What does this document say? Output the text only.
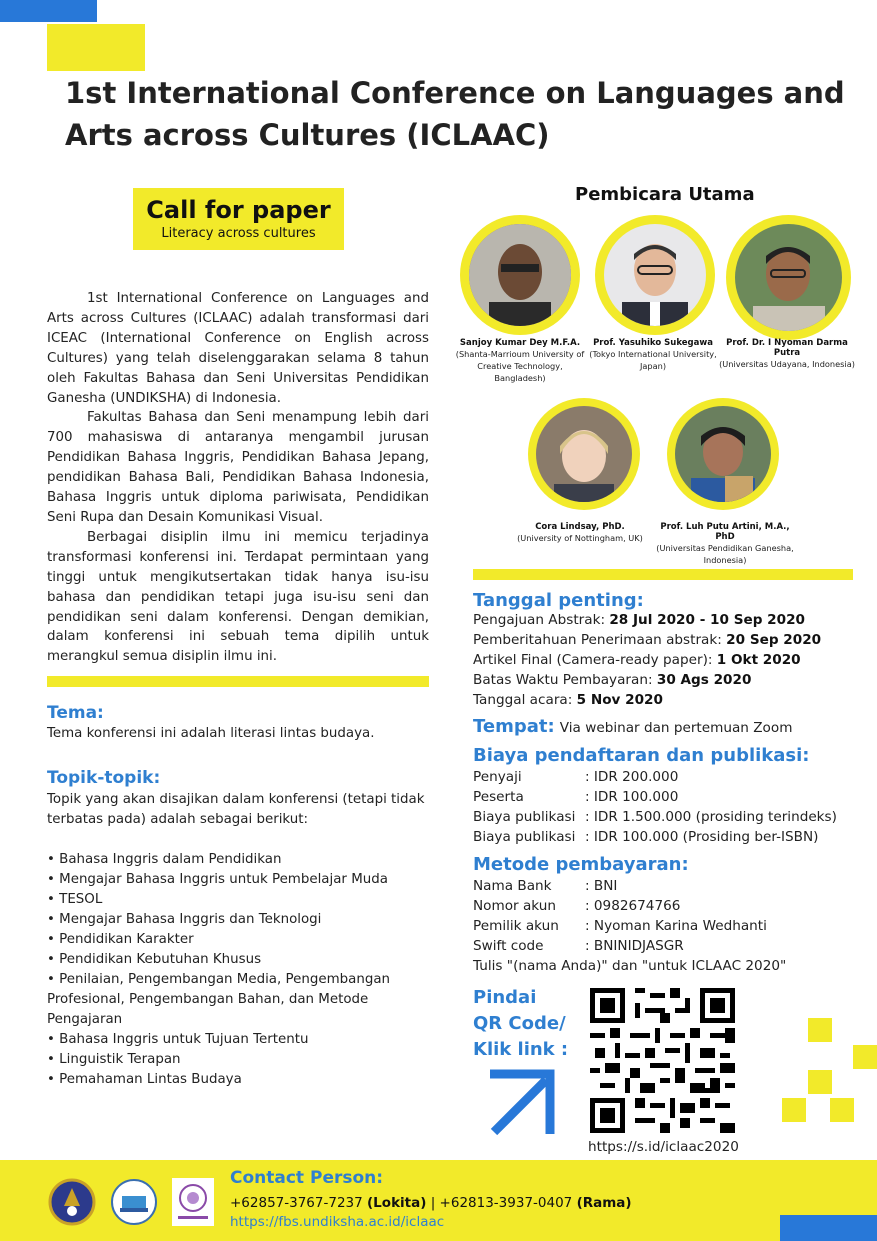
1st International Conference on Languages and Arts across Cultures (ICLAAC)
Call for paper
Literacy across cultures

1st International Conference on Languages and Arts across Cultures (ICLAAC) adalah transformasi dari ICEAC (International Conference on English across Cultures) yang telah diselenggarakan selama 8 tahun oleh Fakultas Bahasa dan Seni Universitas Pendidikan Ganesha (UNDIKSHA) di Indonesia.

Fakultas Bahasa dan Seni menampung lebih dari 700 mahasiswa di antaranya mengambil jurusan Pendidikan Bahasa Inggris, Pendidikan Bahasa Jepang, pendidikan Bahasa Bali, Pendidikan Bahasa Indonesia, Bahasa Inggris untuk diploma pariwisata, Pendidikan Seni Rupa dan Desain Komunikasi Visual.

Berbagai disiplin ilmu ini memicu terjadinya transformasi konferensi ini. Terdapat permintaan yang tinggi untuk mengikutsertakan tidak hanya isu-isu bahasa dan pendidikan tetapi juga isu-isu seni dan pendidikan seni dalam konferensi. Dengan demikian, dalam konferensi ini sebuah tema dipilih untuk merangkul semua disiplin ilmu ini.

Tema:
Tema konferensi ini adalah literasi lintas budaya.
Topik-topik:
Topik yang akan disajikan dalam konferensi (tetapi tidak terbatas pada) adalah sebagai berikut:
• Bahasa Inggris dalam Pendidikan
• Mengajar Bahasa Inggris untuk Pembelajar Muda
• TESOL
• Mengajar Bahasa Inggris dan Teknologi
• Pendidikan Karakter
• Pendidikan Kebutuhan Khusus
• Penilaian, Pengembangan Media, Pengembangan Profesional, Pengembangan Bahan, dan Metode Pengajaran
• Bahasa Inggris untuk Tujuan Tertentu
• Linguistik Terapan
• Pemahaman Lintas Budaya
Pembicara Utama
Sanjoy Kumar Dey M.F.A.
(Shanta-Marrioum University of Creative Technology, Bangladesh)
Prof. Yasuhiko Sukegawa
(Tokyo International University, Japan)
Prof. Dr. I Nyoman Darma Putra
(Universitas Udayana, Indonesia)
Cora Lindsay, PhD.
(University of Nottingham, UK)
Prof. Luh Putu Artini, M.A., PhD
(Universitas Pendidikan Ganesha, Indonesia)
Tanggal penting:
Pengajuan Abstrak: 28 Jul 2020 - 10 Sep 2020
Pemberitahuan Penerimaan abstrak: 20 Sep 2020
Artikel Final (Camera-ready paper): 1 Okt 2020
Batas Waktu Pembayaran: 30 Ags 2020
Tanggal acara: 5 Nov 2020
Tempat: Via webinar dan pertemuan Zoom
Biaya pendaftaran dan publikasi:
Penyaji	: IDR 200.000
Peserta	: IDR 100.000
Biaya publikasi : IDR 1.500.000 (prosiding terindeks)
Biaya publikasi : IDR 100.000 (Prosiding ber-ISBN)
Metode pembayaran:
Nama Bank	: BNI
Nomor akun	: 0982674766
Pemilik akun	: Nyoman Karina Wedhanti
Swift code	: BNINIDJASGR
Tulis "(nama Anda)" dan "untuk ICLAAC 2020"
Pindai
QR Code/
Klik link :
https://s.id/iclaac2020
Contact Person:
+62857-3767-7237 (Lokita) | +62813-3937-0407 (Rama)
https://fbs.undiksha.ac.id/iclaac
